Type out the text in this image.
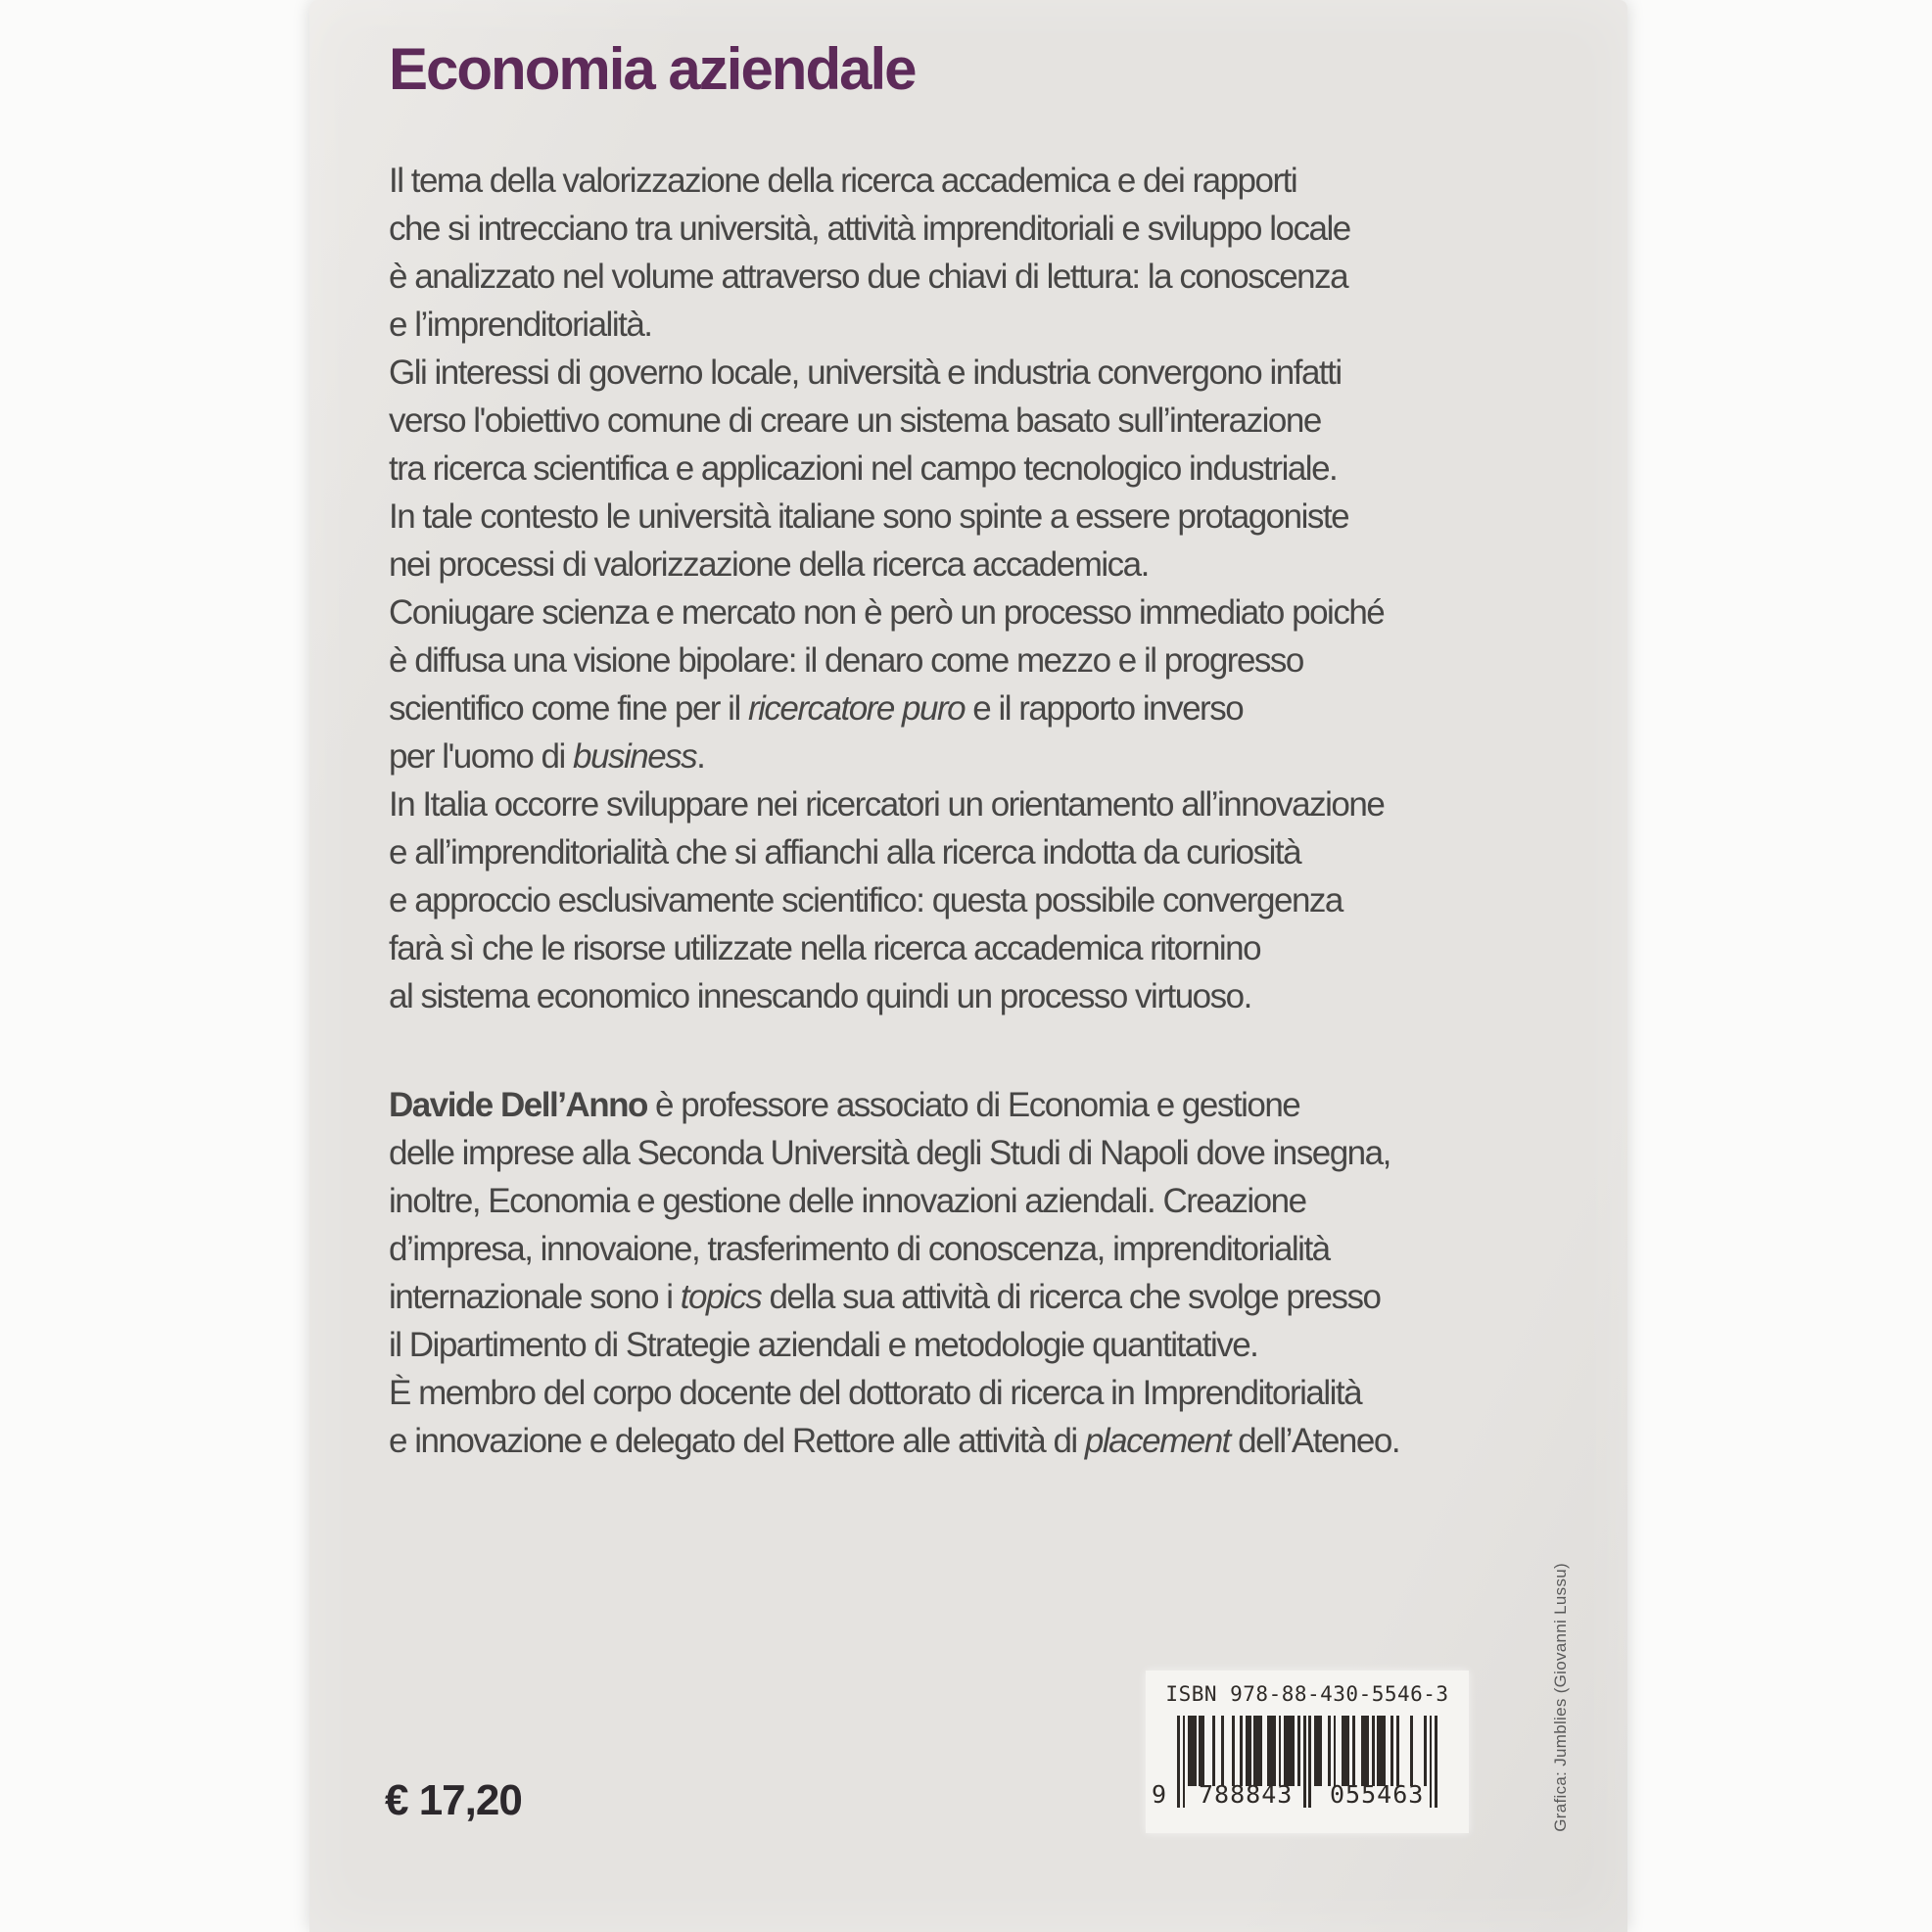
Economia aziendale
Il tema della valorizzazione della ricerca accademica e dei rapporti
che si intrecciano tra università, attività imprenditoriali e sviluppo locale
è analizzato nel volume attraverso due chiavi di lettura: la conoscenza
e l’imprenditorialità.
Gli interessi di governo locale, università e industria convergono infatti
verso l'obiettivo comune di creare un sistema basato sull’interazione
tra ricerca scientifica e applicazioni nel campo tecnologico industriale.
In tale contesto le università italiane sono spinte a essere protagoniste
nei processi di valorizzazione della ricerca accademica.
Coniugare scienza e mercato non è però un processo immediato poiché
è diffusa una visione bipolare: il denaro come mezzo e il progresso
scientifico come fine per il ricercatore puro e il rapporto inverso
per l'uomo di business.
In Italia occorre sviluppare nei ricercatori un orientamento all’innovazione
e all’imprenditorialità che si affianchi alla ricerca indotta da curiosità
e approccio esclusivamente scientifico: questa possibile convergenza
farà sì che le risorse utilizzate nella ricerca accademica ritornino
al sistema economico innescando quindi un processo virtuoso.
Davide Dell’Anno è professore associato di Economia e gestione
delle imprese alla Seconda Università degli Studi di Napoli dove insegna,
inoltre, Economia e gestione delle innovazioni aziendali. Creazione
d’impresa, innovaione, trasferimento di conoscenza, imprenditorialità
internazionale sono i topics della sua attività di ricerca che svolge presso
il Dipartimento di Strategie aziendali e metodologie quantitative.
È membro del corpo docente del dottorato di ricerca in Imprenditorialità
e innovazione e delegato del Rettore alle attività di placement dell’Ateneo.
€ 17,20
ISBN 978-88-430-5546-3
9 788843 055463	Grafica: Jumblies (Giovanni Lussu)
